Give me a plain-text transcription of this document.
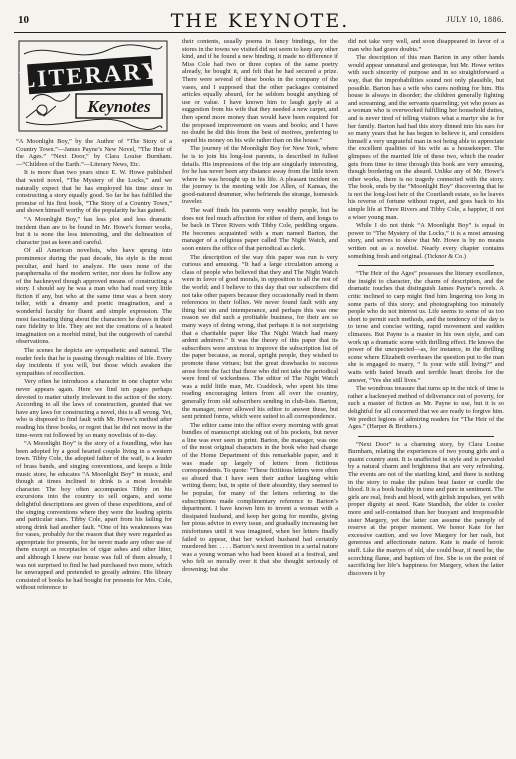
10	THE KEYNOTE.	JULY 10, 1886.
LITERARY
Keynotes

“A Moonlight Boy,” by the Author of “The Story of a Country Town.”—James Payne’s New Novel, “The Heir of the Ages.” “Next Door,” by Clara Louise Burnham.—“Children of the Earth.”—Literary News, Etc.

It is more than two years since E. W. Howe published that weird novel, “The Mystery of the Locks,” and we naturally expect that he has employed his time since in constructing a story equally good. So far he has fulfilled the promise of his first book, “The Story of a Country Town,” and shown himself worthy of the popularity he has gained.

“A Moonlight Boy,” has less plot and less dramatic incident than are to be found in Mr. Howe’s former works, but it is none the less interesting, and the delineation of character just as keen and careful.

Of all American novelists, who have sprung into prominence during the past decade, his style is the most peculiar, and hard to analyze. He uses none of the paraphernalia of the modern writer, nor does he follow any of the hackneyed though approved means of constructing a story. I should say he was a man who had read very little fiction if any, but who at the same time was a born story teller, with a dreamy and poetic imagination, and a wonderful faculty for fluent and simple expression. The most fascinating thing about the characters he draws in their rare fidelity to life. They are not the creations of a heated imagination on a morbid mind, but the outgrowth of careful observations.

The scenes he depicts are sympathetic and natural. The reader feels that he is passing through realities of life. Every day incidents if you will, but those which awaken the sympathies of recollection.

Very often he introduces a character in one chapter who never appears again. Here we find ten pages perhaps devoted to matter utterly irrelevant to the action of the story. According to all the laws of construction, granted that we have any laws for constructing a novel, this is all wrong. Yet, who is disposed to find fault with Mr. Howe’s method after reading his three books, or regret that he did not move in the time-worn rut followed by so many novelists of to-day.

“A Moonlight Boy” is the story of a foundling, who has been adopted by a good hearted couple living in a western town. Tibby Cole, the adopted father of the waif, is a leader of brass bands, and singing conventions, and keeps a little music store, he educates “A Moonlight Boy” in music, and though at times inclined to drink is a most loveable character. The boy often accompanies Tibby on his excursions into the country to sell organs, and some delightful descriptions are given of these expeditions, and of the singing conventions where they were the leading spirits and particular stars. Tibby Cole, apart from his failing for strong drink had another fault. “One of his weaknesses was for vases, probably for the reason that they were regarded as appropriate for presents, for he never made any other use of them except as receptacles of cigar ashes and other litter, and although I knew our house was full of them already, I was not surprised to find he had purchased two more, which he unwrapped and pretended to greatly admire. His library consisted of books he had bought for presents for Mrs. Cole, without reference to

their contents, usually poems in fancy bindings, for the stores in the towns we visited did not seem to keep any other kind, and if he found a new binding, it made no difference if Miss Cole had two or three copies of the same poetry already, he bought it, and felt that he had secured a prize. There were several of these books in the company of the vases, and I supposed that the other packages contained articles equally absurd, for he seldom bought anything of use or value. I have known him to laugh gayly at a suggestion from his wife that they needed a new carpet, and then spend more money than would have been required for the proposed improvement on vases and books; and I have no doubt he did this from the best of motives, preferring to spend his money on his wife rather than on the house.”

The journey of the Moonlight Boy for New York, where he is to join his long-lost parents, is described in fullest details. His impressions of the trip are singularly interesting, for he has never been any distance away from the little town where he was brought up in his life. A pleasant incident on the journey is the meeting with Joe Allen, of Kansas, the good-natured drummer, who befriends the strange, homesick traveler.

The waif finds his parents very wealthy people, but he does not feel much affection for either of them, and longs to be back in Three Rivers with Tibby Cole, peddling organs. He becomes acquainted with a man named Barton, the manager of a religious paper called The Night Watch, and soon enters the office of that periodical as clerk.

The description of the way this paper was run is very curious and amusing. “It had a large circulation among a class of people who believed that they and The Night Watch were in favor of good morals, in opposition to all the rest of the world; and I believe to this day that our subscribers did not take other papers because they occasionally read in them references to their follies. We never found fault with any thing but sin and intemperance, and perhaps this was one reason we did such a profitable business, for their are so many ways of doing wrong, that perhaps it is not surprising that a charitable paper like The Night Watch had many ardent admirers.” It was the theory of this paper that its subscribers were anxious to improve the subscription list of the paper because, as moral, upright people, they wished to promote these virtues; but the great drawbacks to success arose from the fact that those who did not take the periodical were fond of wickedness. The editor of The Night Watch was a mild little man, Mr. Craddock, who spent his time reading encouraging letters from all over the country, generally from old subscribers sending in club-lists. Barton, the manager, never allowed his editor to answer these, but sent printed forms, which were suited to all correspondence.

The editor came into the office every morning with great bundles of manuscript sticking out of his pockets, but never a line was ever seen in print. Barton, the manager, was one of the most original characters in the book who had charge of the Home Department of this remarkable paper, and it was made up largely of letters from fictitious correspondents. To quote: “These fictitious letters were often so absurd that I have seen their author laughing while writing them; but, in spite of their absurdity, they seemed to be popular, for many of the letters referring to the subscriptions made complimentary reference to Barton’s department. I have known him to invent a woman with a dissipated husband, and keep her going for months, giving her pious advice in every issue, and gradually increasing her misfortunes until it was imagined, when her letters finally failed to appear, that her wicked husband had certainly murdered her. . . . . Barton’s next invention in a serial nature was a young woman who had been kissed at a festival, and who felt so morally over it that she thought seriously of drowning; but she

did not take very well, and soon disappeared in favor of a man who had grave doubts.”

The description of this man Barton in any other hands would appear unnatural and grotesque, but Mr. Howe writes with such sincerity of purpose and in so straightforward a way, that the improbabilities sound not only plausible, but possible. Barton has a wife who cares nothing for him. His house is always in disorder; the children generally fighting and screaming, and the servants quarreling; yet who poses as a woman who is overworked fulfilling her household duties, and is never tired of telling visitors what a martyr she is for her family. Barton had had this story dinned into his ears for so many years that he has begun to believe it, and considers himself a very ungrateful man in not being able to appreciate the excellent qualities of his wife as a housekeeper. The glimpses of the married life of these two, which the reader gets from time to time through this book are very amusing, though bordering on the absurd. Unlike any of Mr. Howe’s other works, there is no tragedy connected with the story. The book, ends by the “Moonlight Boy” discovering that he is not the long-lost heir of the Courtlandt estate, so he leaves his reverse of fortune without regret, and goes back to his simple life at Three Rivers and Tibby Cole, a happier, if not a wiser young man.

While I do not think “A Moonlight Boy” is equal in power to “The Mystery of the Locks,” it is a most amusing story, and serves to show that Mr. Howe is by no means written out as a novelist. Nearly every chapter contains something fresh and original. (Ticknor & Co.)

“The Heir of the Ages” possesses the literary excellence, the insight to character, the charm of description, and the dramatic touches that distinguish James Payne’s novels. A critic inclined to carp might find him lingering too long in some parts of this story; and photographing too minutely people who do not interest us. Life seems to some of us too short to permit such methods, and the tendency of the day is to terse and concise writing, rapid movement and sudden climaxes. But Payne is a master in his own style, and can work up a dramatic scene with thrilling effect. He knows the power of the unexpected—as, for instance, in the thrilling scene where Elizabeth overhears the question put to the man she is engaged to marry, “ Is your wife still living?” and waits with bated breath and terrible heart throbs for the answer, “Yes she still lives.”

The wondrous treasure that turns up in the nick of time is rather a hackneyed method of deliverance out of poverty, for such a master of fiction as Mr. Payne to use, but it is so delightful for all concerned that we are ready to forgive him. We predict legions of admiring readers for “The Heir of the Ages.” (Harper & Brothers.)

“Next Door” is a charming story, by Clara Louise Burnham, relating the experiences of two young girls and a quaint country aunt. It is unaffected in style and is pervaded by a natural charm and brightness that are very refreshing. The events are not of the startling kind, and there is nothing in the story to make the pulses beat faster or curdle the blood. It is a book healthy in tone and pure in sentiment. The girls are real, fresh and blood, with girlish impulses, yet with proper dignity at need. Kate Standish, the elder is cooler more and self-contained than her buoyant and irrepressible sister Margery, yet the latter can assume the panoply of reserve at the proper moment. We honor Kate for her excessive caution, and we love Margery for her rash, but generous and affectionate nature. Kate is made of heroic stuff. Like the martyrs of old, she could bear, if need be, the scorching flame, and baptism of fire. She is on the point of sacrificing her life’s happiness for Margery, when the latter discovers it by
